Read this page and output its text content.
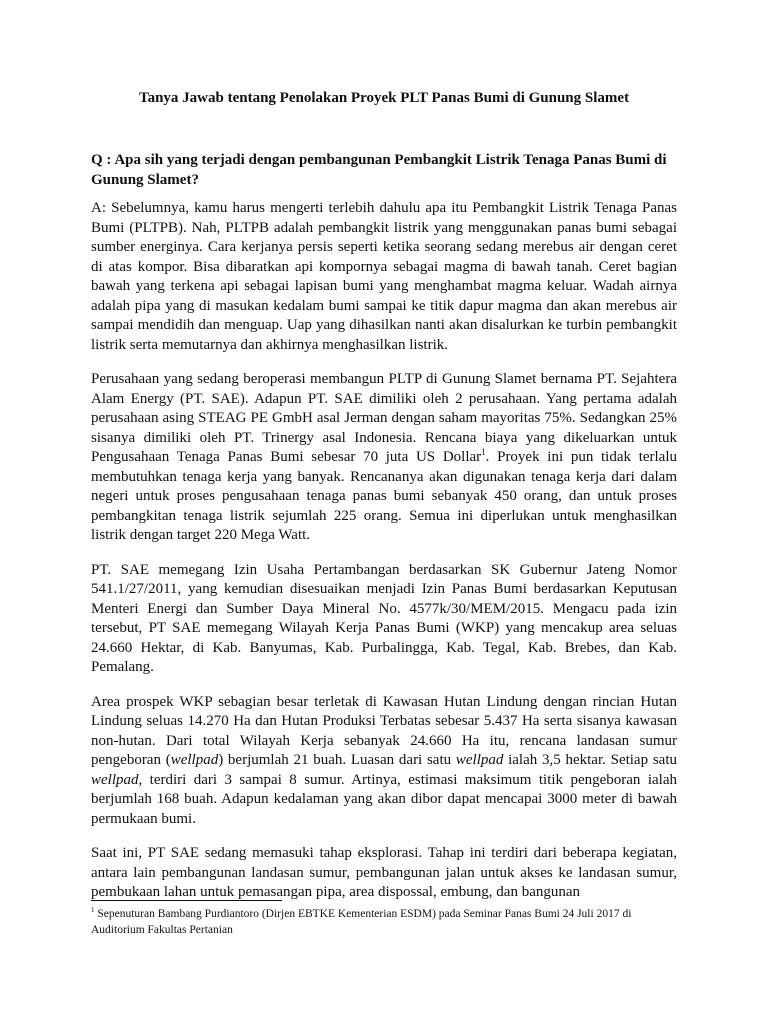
Tanya Jawab tentang Penolakan Proyek PLT Panas Bumi di Gunung Slamet

Q : Apa sih yang terjadi dengan pembangunan Pembangkit Listrik Tenaga Panas Bumi di Gunung Slamet?

A: Sebelumnya, kamu harus mengerti terlebih dahulu apa itu Pembangkit Listrik Tenaga Panas Bumi (PLTPB). Nah, PLTPB adalah pembangkit listrik yang menggunakan panas bumi sebagai sumber energinya. Cara kerjanya persis seperti ketika seorang sedang merebus air dengan ceret di atas kompor. Bisa dibaratkan api kompornya sebagai magma di bawah tanah. Ceret bagian bawah yang terkena api sebagai lapisan bumi yang menghambat magma keluar. Wadah airnya adalah pipa yang di masukan kedalam bumi sampai ke titik dapur magma dan akan merebus air sampai mendidih dan menguap. Uap yang dihasilkan nanti akan disalurkan ke turbin pembangkit listrik serta memutarnya dan akhirnya menghasilkan listrik.

Perusahaan yang sedang beroperasi membangun PLTP di Gunung Slamet bernama PT. Sejahtera Alam Energy (PT. SAE). Adapun PT. SAE dimiliki oleh 2 perusahaan. Yang pertama adalah perusahaan asing STEAG PE GmbH asal Jerman dengan saham mayoritas 75%. Sedangkan 25% sisanya dimiliki oleh PT. Trinergy asal Indonesia. Rencana biaya yang dikeluarkan untuk Pengusahaan Tenaga Panas Bumi sebesar 70 juta US Dollar$^1$. Proyek ini pun tidak terlalu membutuhkan tenaga kerja yang banyak. Rencananya akan digunakan tenaga kerja dari dalam negeri untuk proses pengusahaan tenaga panas bumi sebanyak 450 orang, dan untuk proses pembangkitan tenaga listrik sejumlah 225 orang. Semua ini diperlukan untuk menghasilkan listrik dengan target 220 Mega Watt.

PT. SAE memegang Izin Usaha Pertambangan berdasarkan SK Gubernur Jateng Nomor 541.1/27/2011, yang kemudian disesuaikan menjadi Izin Panas Bumi berdasarkan Keputusan Menteri Energi dan Sumber Daya Mineral No. 4577k/30/MEM/2015. Mengacu pada izin tersebut, PT SAE memegang Wilayah Kerja Panas Bumi (WKP) yang mencakup area seluas 24.660 Hektar, di Kab. Banyumas, Kab. Purbalingga, Kab. Tegal, Kab. Brebes, dan Kab. Pemalang.

Area prospek WKP sebagian besar terletak di Kawasan Hutan Lindung dengan rincian Hutan Lindung seluas 14.270 Ha dan Hutan Produksi Terbatas sebesar 5.437 Ha serta sisanya kawasan non-hutan. Dari total Wilayah Kerja sebanyak 24.660 Ha itu, rencana landasan sumur pengeboran (wellpad) berjumlah 21 buah. Luasan dari satu wellpad ialah 3,5 hektar. Setiap satu wellpad, terdiri dari 3 sampai 8 sumur. Artinya, estimasi maksimum titik pengeboran ialah berjumlah 168 buah. Adapun kedalaman yang akan dibor dapat mencapai 3000 meter di bawah permukaan bumi.

Saat ini, PT SAE sedang memasuki tahap eksplorasi. Tahap ini terdiri dari beberapa kegiatan, antara lain pembangunan landasan sumur, pembangunan jalan untuk akses ke landasan sumur, pembukaan lahan untuk pemasangan pipa, area dispossal, embung, dan bangunan

$^1$ Sepenuturan Bambang Purdiantoro (Dirjen EBTKE Kementerian ESDM) pada Seminar Panas Bumi 24 Juli 2017 di Auditorium Fakultas Pertanian
